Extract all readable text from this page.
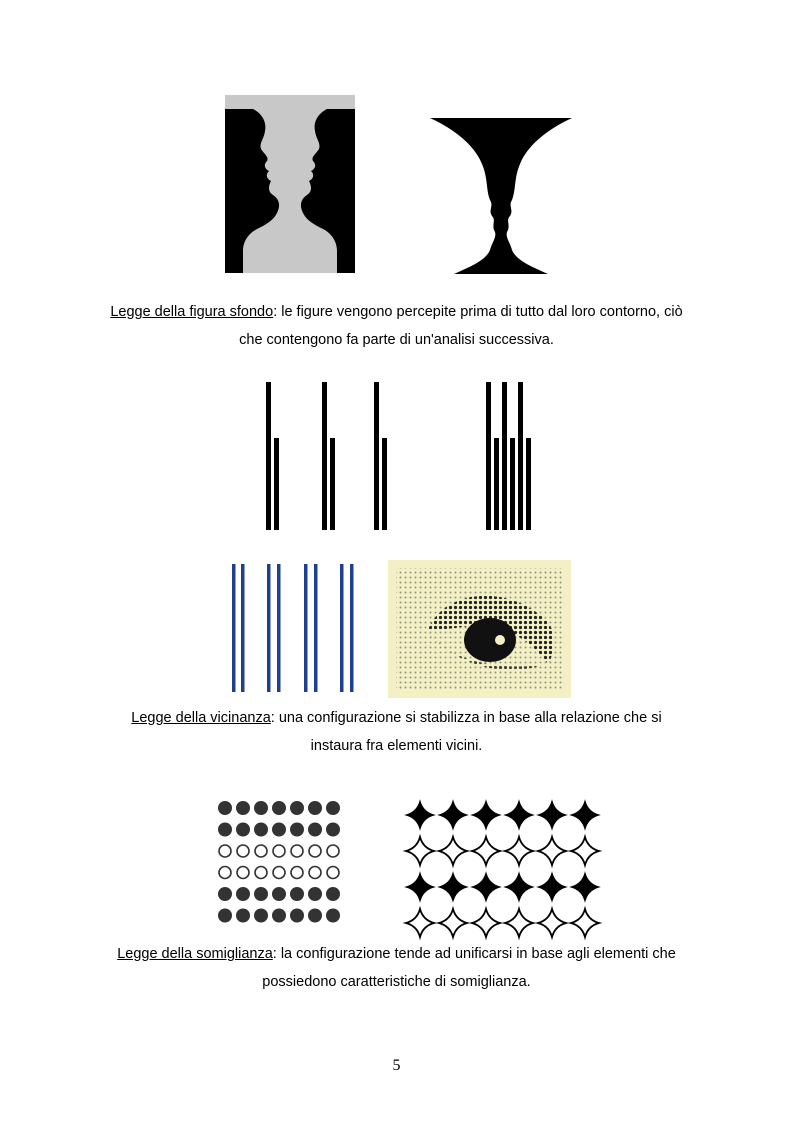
Legge della figura sfondo: le figure vengono percepite prima di tutto dal loro contorno, ciò
che contengono fa parte di un'analisi successiva.
Legge della vicinanza: una configurazione si stabilizza in base alla relazione che si
instaura fra elementi vicini.
Legge della somiglianza: la configurazione tende ad unificarsi in base agli elementi che
possiedono caratteristiche di somiglianza.
5
